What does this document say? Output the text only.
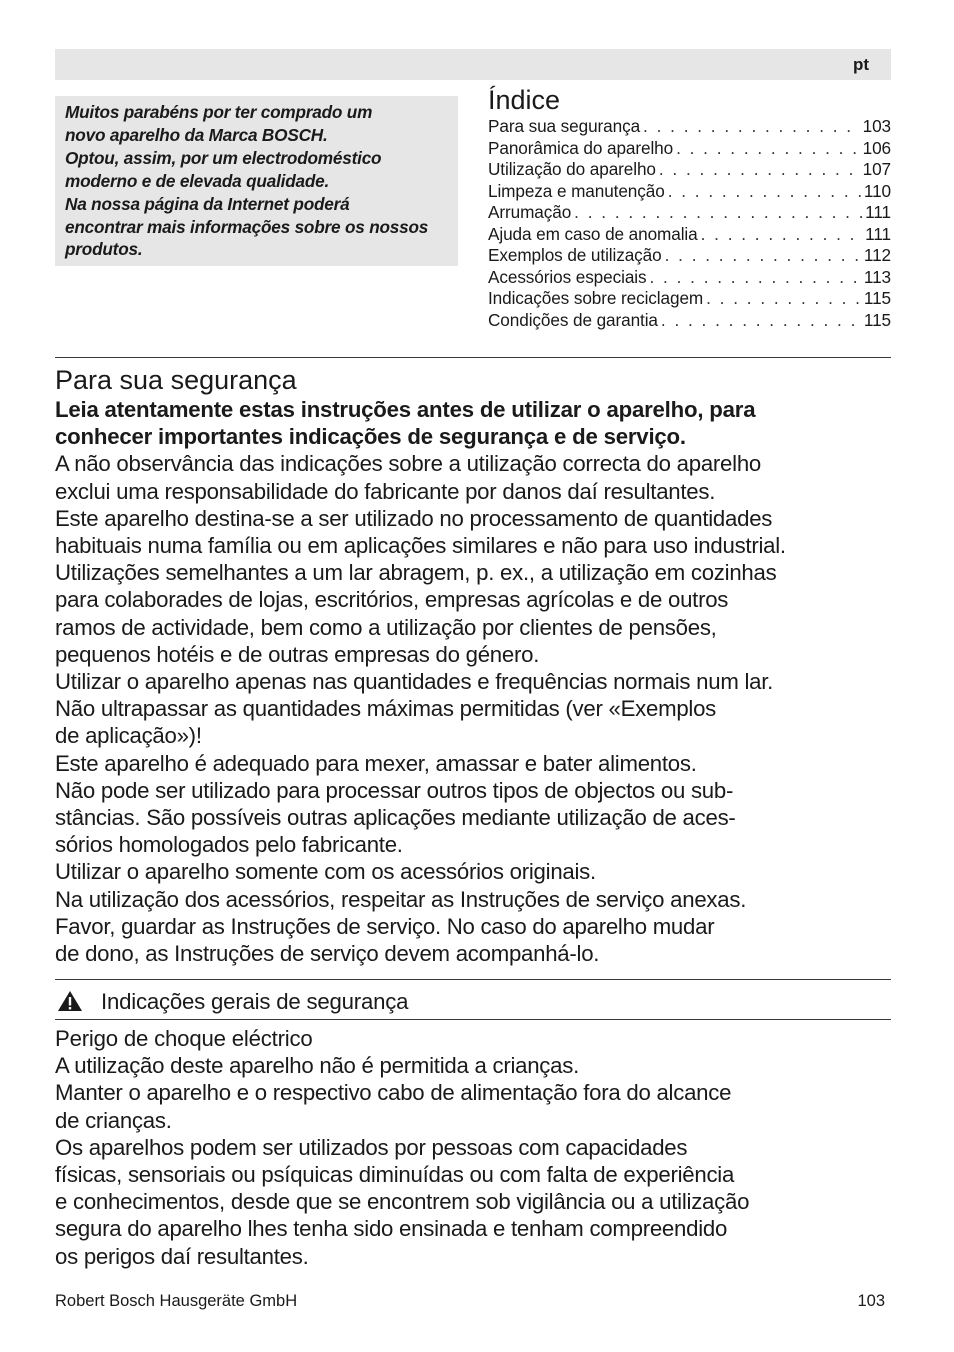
pt

Muitos parabéns por ter comprado um

novo aparelho da Marca BOSCH.

Optou, assim, por um electrodoméstico

moderno e de elevada qualidade.

Na nossa página da Internet poderá

encontrar mais informações sobre os nossos

produtos.

Índice
Para sua segurança . . .	103
Panorâmica do aparelho . . .	106
Utilização do aparelho . . .	107
Limpeza e manutenção . . .	110
Arrumação . . .	111
Ajuda em caso de anomalia . . .	111
Exemplos de utilização . . .	112
Acessórios especiais . . .	113
Indicações sobre reciclagem . . .	115
Condições de garantia . . .	115
Para sua segurança

Leia atentamente estas instruções antes de utilizar o aparelho, para

conhecer importantes indicações de segurança e de serviço.

A não observância das indicações sobre a utilização correcta do aparelho

exclui uma responsabilidade do fabricante por danos daí resultantes.

Este aparelho destina-se a ser utilizado no processamento de quantidades

habituais numa família ou em aplicações similares e não para uso industrial.

Utilizações semelhantes a um lar abragem, p. ex., a utilização em cozinhas

para colaborades de lojas, escritórios, empresas agrícolas e de outros

ramos de actividade, bem como a utilização por clientes de pensões,

pequenos hotéis e de outras empresas do género.

Utilizar o aparelho apenas nas quantidades e frequências normais num lar.

Não ultrapassar as quantidades máximas permitidas (ver «Exemplos

de aplicação»)!

Este aparelho é adequado para mexer, amassar e bater alimentos.

Não pode ser utilizado para processar outros tipos de objectos ou sub-

stâncias. São possíveis outras aplicações mediante utilização de aces-

sórios homologados pelo fabricante.

Utilizar o aparelho somente com os acessórios originais.

Na utilização dos acessórios, respeitar as Instruções de serviço anexas.

Favor, guardar as Instruções de serviço. No caso do aparelho mudar

de dono, as Instruções de serviço devem acompanhá-lo.

Indicações gerais de segurança

Perigo de choque eléctrico

A utilização deste aparelho não é permitida a crianças.

Manter o aparelho e o respectivo cabo de alimentação fora do alcance

de crianças.

Os aparelhos podem ser utilizados por pessoas com capacidades

físicas, sensoriais ou psíquicas diminuídas ou com falta de experiência

e conhecimentos, desde que se encontrem sob vigilância ou a utilização

segura do aparelho lhes tenha sido ensinada e tenham compreendido

os perigos daí resultantes.

Robert Bosch Hausgeräte GmbH	103
